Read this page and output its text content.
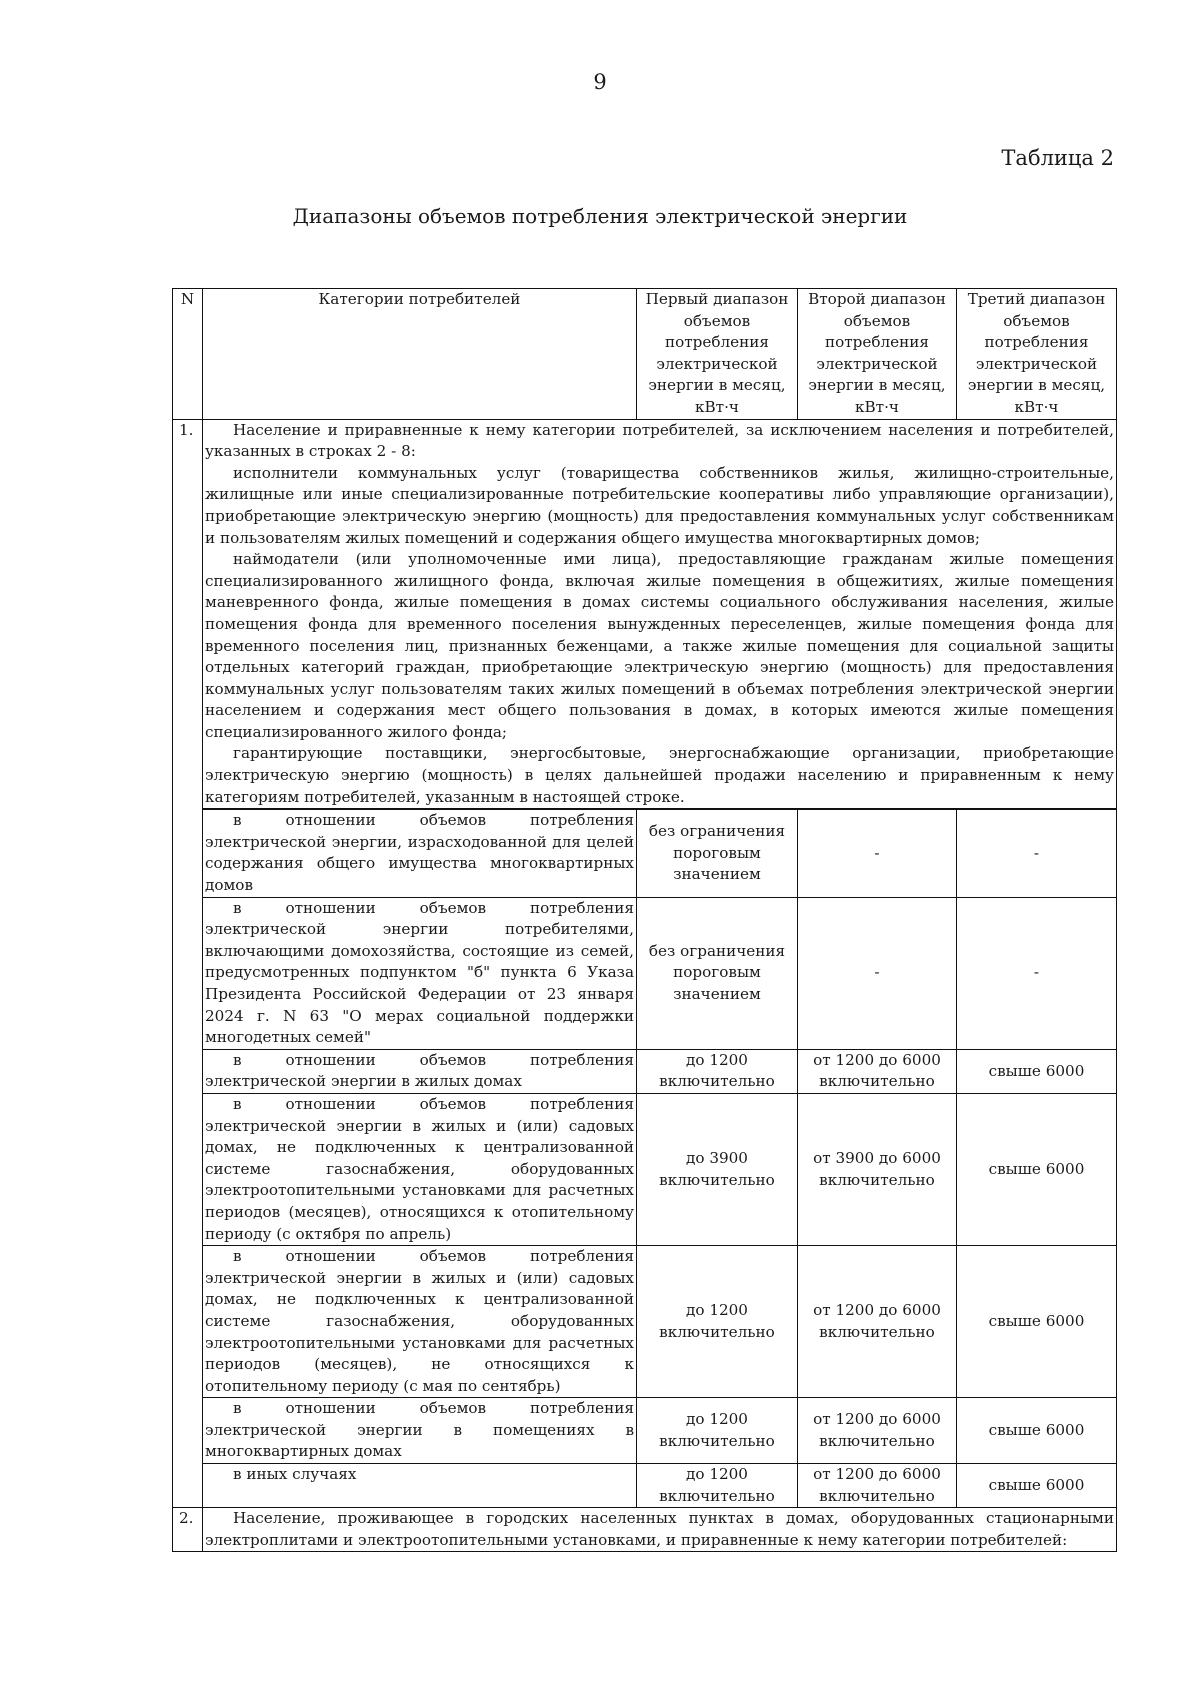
9
Таблица 2
Диапазоны объемов потребления электрической энергии
N	Категории потребителей	Первый диапазон объемов потребления электрической энергии в месяц, кВт·ч	Второй диапазон объемов потребления электрической энергии в месяц, кВт·ч	Третий диапазон объемов потребления электрической энергии в месяц, кВт·ч
1.	Население и приравненные к нему категории потребителей, за исключением населения и потребителей, указанных в строках 2 - 8:

исполнители коммунальных услуг (товарищества собственников жилья, жилищно-строительные, жилищные или иные специализированные потребительские кооперативы либо управляющие организации), приобретающие электрическую энергию (мощность) для предоставления коммунальных услуг собственникам и пользователям жилых помещений и содержания общего имущества многоквартирных домов;

наймодатели (или уполномоченные ими лица), предоставляющие гражданам жилые помещения специализированного жилищного фонда, включая жилые помещения в общежитиях, жилые помещения маневренного фонда, жилые помещения в домах системы социального обслуживания населения, жилые помещения фонда для временного поселения вынужденных переселенцев, жилые помещения фонда для временного поселения лиц, признанных беженцами, а также жилые помещения для социальной защиты отдельных категорий граждан, приобретающие электрическую энергию (мощность) для предоставления коммунальных услуг пользователям таких жилых помещений в объемах потребления электрической энергии населением и содержания мест общего пользования в домах, в которых имеются жилые помещения специализированного жилого фонда;

гарантирующие поставщики, энергосбытовые, энергоснабжающие организации, приобретающие электрическую энергию (мощность) в целях дальнейшей продажи населению и приравненным к нему категориям потребителей, указанным в настоящей строке.			

	в отношении объемов потребления электрической энергии, израсходованной для целей содержания общего имущества многоквартирных домов	без ограничения пороговым значением	-	-
	в отношении объемов потребления электрической энергии потребителями, включающими домохозяйства, состоящие из семей, предусмотренных подпунктом "б" пункта 6 Указа Президента Российской Федерации от 23 января 2024 г. N 63 "О мерах социальной поддержки многодетных семей"	без ограничения пороговым значением	-	-
	в отношении объемов потребления электрической энергии в жилых домах	до 1200 включительно	от 1200 до 6000 включительно	свыше 6000
	в отношении объемов потребления электрической энергии в жилых и (или) садовых домах, не подключенных к централизованной системе газоснабжения, оборудованных электроотопительными установками для расчетных периодов (месяцев), относящихся к отопительному периоду (с октября по апрель)	до 3900 включительно	от 3900 до 6000 включительно	свыше 6000
	в отношении объемов потребления электрической энергии в жилых и (или) садовых домах, не подключенных к централизованной системе газоснабжения, оборудованных электроотопительными установками для расчетных периодов (месяцев), не относящихся к отопительному периоду (с мая по сентябрь)	до 1200 включительно	от 1200 до 6000 включительно	свыше 6000
	в отношении объемов потребления электрической энергии в помещениях в многоквартирных домах	до 1200 включительно	от 1200 до 6000 включительно	свыше 6000
	в иных случаях	до 1200 включительно	от 1200 до 6000 включительно	свыше 6000
2.	Население, проживающее в городских населенных пунктах в домах, оборудованных стационарными электроплитами и электроотопительными установками, и приравненные к нему категории потребителей:			
